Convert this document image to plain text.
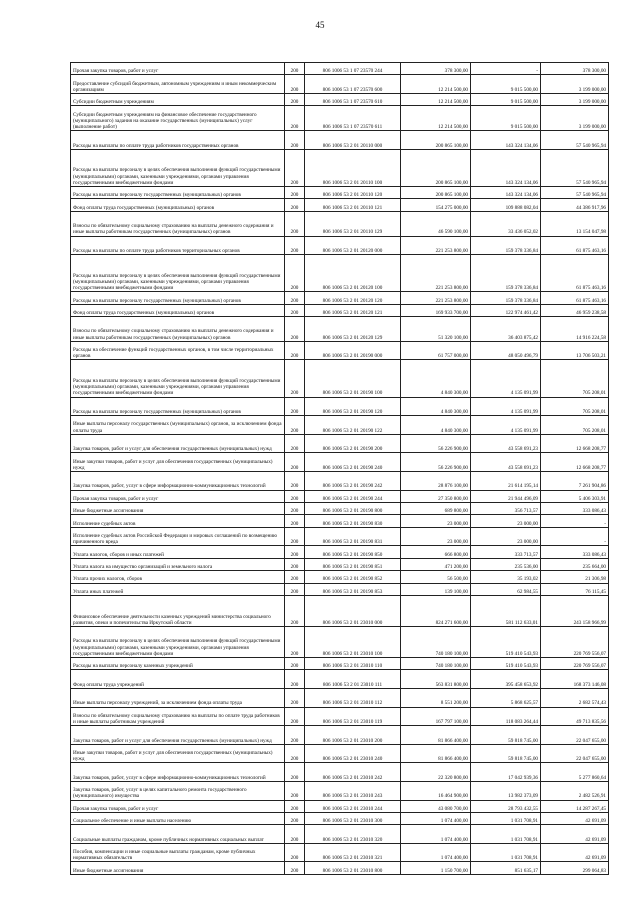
45
Прочая закупка товаров, работ и услуг	200	806 1006 53 1 07 23570 244	378 300,00	-	378 300,00
Предоставление субсидий бюджетным, автономным учреждениям и иным некоммерческим организациям	200	806 1006 53 1 07 23570 600	12 214 500,00	9 015 500,00	3 199 000,00
Субсидии бюджетным учреждениям	200	806 1006 53 1 07 23570 610	12 214 500,00	9 015 500,00	3 199 000,00
Субсидии бюджетным учреждениям на финансовое обеспечение государственного (муниципального) задания на оказание государственных (муниципальных) услуг (выполнение работ)	200	806 1006 53 1 07 23570 611	12 214 500,00	9 015 500,00	3 199 000,00
Расходы на выплаты по оплате труда работников государственных органов	200	806 1006 53 2 01 20110 000	200 865 100,00	143 324 134,06	57 540 965,94
Расходы на выплаты персоналу в целях обеспечения выполнения функций государственными (муниципальными) органами, казенными учреждениями, органами управления государственными внебюджетными фондами	200	806 1006 53 2 01 20110 100	200 865 100,00	143 324 134,06	57 540 965,94
Расходы на выплаты персоналу государственных (муниципальных) органов	200	806 1006 53 2 01 20110 120	200 865 100,00	143 324 134,06	57 540 965,94
Фонд оплаты труда государственных (муниципальных) органов	200	806 1006 53 2 01 20110 121	154 275 000,00	109 888 082,04	44 386 917,96
Взносы по обязательному социальному страхованию на выплаты денежного содержания и иные выплаты работникам государственных (муниципальных) органов	200	806 1006 53 2 01 20110 129	46 590 100,00	33 436 052,02	13 154 047,98
Расходы на выплаты по оплате труда работников территориальных органов	200	806 1006 53 2 01 20120 000	221 253 800,00	159 378 336,84	61 875 463,16
Расходы на выплаты персоналу в целях обеспечения выполнения функций государственными (муниципальными) органами, казенными учреждениями, органами управления государственными внебюджетными фондами	200	806 1006 53 2 01 20120 100	221 253 800,00	159 378 336,84	61 875 463,16
Расходы на выплаты персоналу государственных (муниципальных) органов	200	806 1006 53 2 01 20120 120	221 253 800,00	159 378 336,84	61 875 463,16
Фонд оплаты труда государственных (муниципальных) органов	200	806 1006 53 2 01 20120 121	169 933 700,00	122 974 461,42	46 959 238,58
Взносы по обязательному социальному страхованию на выплаты денежного содержания и иные выплаты работникам государственных (муниципальных) органов	200	806 1006 53 2 01 20120 129	51 320 100,00	36 403 875,42	14 916 224,58
Расходы на обеспечение функций государственных органов, в том числе территориальных органов	200	806 1006 53 2 01 20190 000	61 757 000,00	48 050 496,79	13 706 503,21
Расходы на выплаты персоналу в целях обеспечения выполнения функций государственными (муниципальными) органами, казенными учреждениями, органами управления государственными внебюджетными фондами	200	806 1006 53 2 01 20190 100	4 840 300,00	4 135 091,99	705 208,01
Расходы на выплаты персоналу государственных (муниципальных) органов	200	806 1006 53 2 01 20190 120	4 840 300,00	4 135 091,99	705 208,01
Иные выплаты персоналу государственных (муниципальных) органов, за исключением фонда оплаты труда	200	806 1006 53 2 01 20190 122	4 840 300,00	4 135 091,99	705 208,01
Закупка товаров, работ и услуг для обеспечения государственных (муниципальных) нужд	200	806 1006 53 2 01 20190 200	56 226 900,00	43 558 691,23	12 668 208,77
Иные закупки товаров, работ и услуг для обеспечения государственных (муниципальных) нужд	200	806 1006 53 2 01 20190 240	56 226 900,00	43 558 691,23	12 668 208,77
Закупка товаров, работ, услуг в сфере информационно-коммуникационных технологий	200	806 1006 53 2 01 20190 242	28 876 100,00	21 614 195,14	7 261 904,86
Прочая закупка товаров, работ и услуг	200	806 1006 53 2 01 20190 244	27 350 800,00	21 944 496,09	5 406 303,91
Иные бюджетные ассигнования	200	806 1006 53 2 01 20190 800	689 800,00	356 713,57	333 086,43
Исполнение судебных актов	200	806 1006 53 2 01 20190 830	23 000,00	23 000,00	-
Исполнение судебных актов Российской Федерации и мировых соглашений по возмещению причиненного вреда	200	806 1006 53 2 01 20190 831	23 000,00	23 000,00	-
Уплата налогов, сборов и иных платежей	200	806 1006 53 2 01 20190 850	666 800,00	333 713,57	333 086,43
Уплата налога на имущество организаций и земельного налога	200	806 1006 53 2 01 20190 851	471 200,00	235 536,00	235 664,00
Уплата прочих налогов, сборов	200	806 1006 53 2 01 20190 852	56 500,00	35 193,02	21 306,98
Уплата иных платежей	200	806 1006 53 2 01 20190 853	139 100,00	62 984,55	76 115,45
Финансовое обеспечение деятельности казенных учреждений министерства социального развития, опеки и попечительства Иркутской области	200	806 1006 53 2 01 23010 000	824 271 600,00	581 112 633,01	243 158 966,99
Расходы на выплаты персоналу в целях обеспечения выполнения функций государственными (муниципальными) органами, казенными учреждениями, органами управления государственными внебюджетными фондами	200	806 1006 53 2 01 23010 100	740 180 100,00	519 410 543,93	220 769 556,07
Расходы на выплаты персоналу казенных учреждений	200	806 1006 53 2 01 23010 110	740 180 100,00	519 410 543,93	220 769 556,07
Фонд оплаты труда учреждений	200	806 1006 53 2 01 23010 111	563 831 800,00	395 458 653,92	168 373 146,08
Иные выплаты персоналу учреждений, за исключением фонда оплаты труда	200	806 1006 53 2 01 23010 112	8 551 200,00	5 868 625,57	2 682 574,43
Взносы по обязательному социальному страхованию на выплаты по оплате труда работников и иные выплаты работникам учреждений	200	806 1006 53 2 01 23010 119	167 797 100,00	118 083 264,44	49 713 835,56
Закупка товаров, работ и услуг для обеспечения государственных (муниципальных) нужд	200	806 1006 53 2 01 23010 200	81 866 400,00	59 818 745,00	22 047 655,00
Иные закупки товаров, работ и услуг для обеспечения государственных (муниципальных) нужд	200	806 1006 53 2 01 23010 240	81 866 400,00	59 818 745,00	22 047 655,00
Закупка товаров, работ, услуг в сфере информационно-коммуникационных технологий	200	806 1006 53 2 01 23010 242	22 320 800,00	17 042 939,36	5 277 860,64
Закупка товаров, работ, услуг в целях капитального ремонта государственного (муниципального) имущества	200	806 1006 53 2 01 23010 243	16 464 900,00	13 982 373,09	2 482 526,91
Прочая закупка товаров, работ и услуг	200	806 1006 53 2 01 23010 244	43 080 700,00	28 793 432,55	14 287 267,45
Социальное обеспечение и иные выплаты населению	200	806 1006 53 2 01 23010 300	1 074 400,00	1 031 708,91	42 691,09
Социальные выплаты гражданам, кроме публичных нормативных социальных выплат	200	806 1006 53 2 01 23010 320	1 074 400,00	1 031 708,91	42 691,09
Пособия, компенсации и иные социальные выплаты гражданам, кроме публичных нормативных обязательств	200	806 1006 53 2 01 23010 321	1 074 400,00	1 031 708,91	42 691,09
Иные бюджетные ассигнования	200	806 1006 53 2 01 23010 800	1 150 700,00	851 635,17	299 064,83
